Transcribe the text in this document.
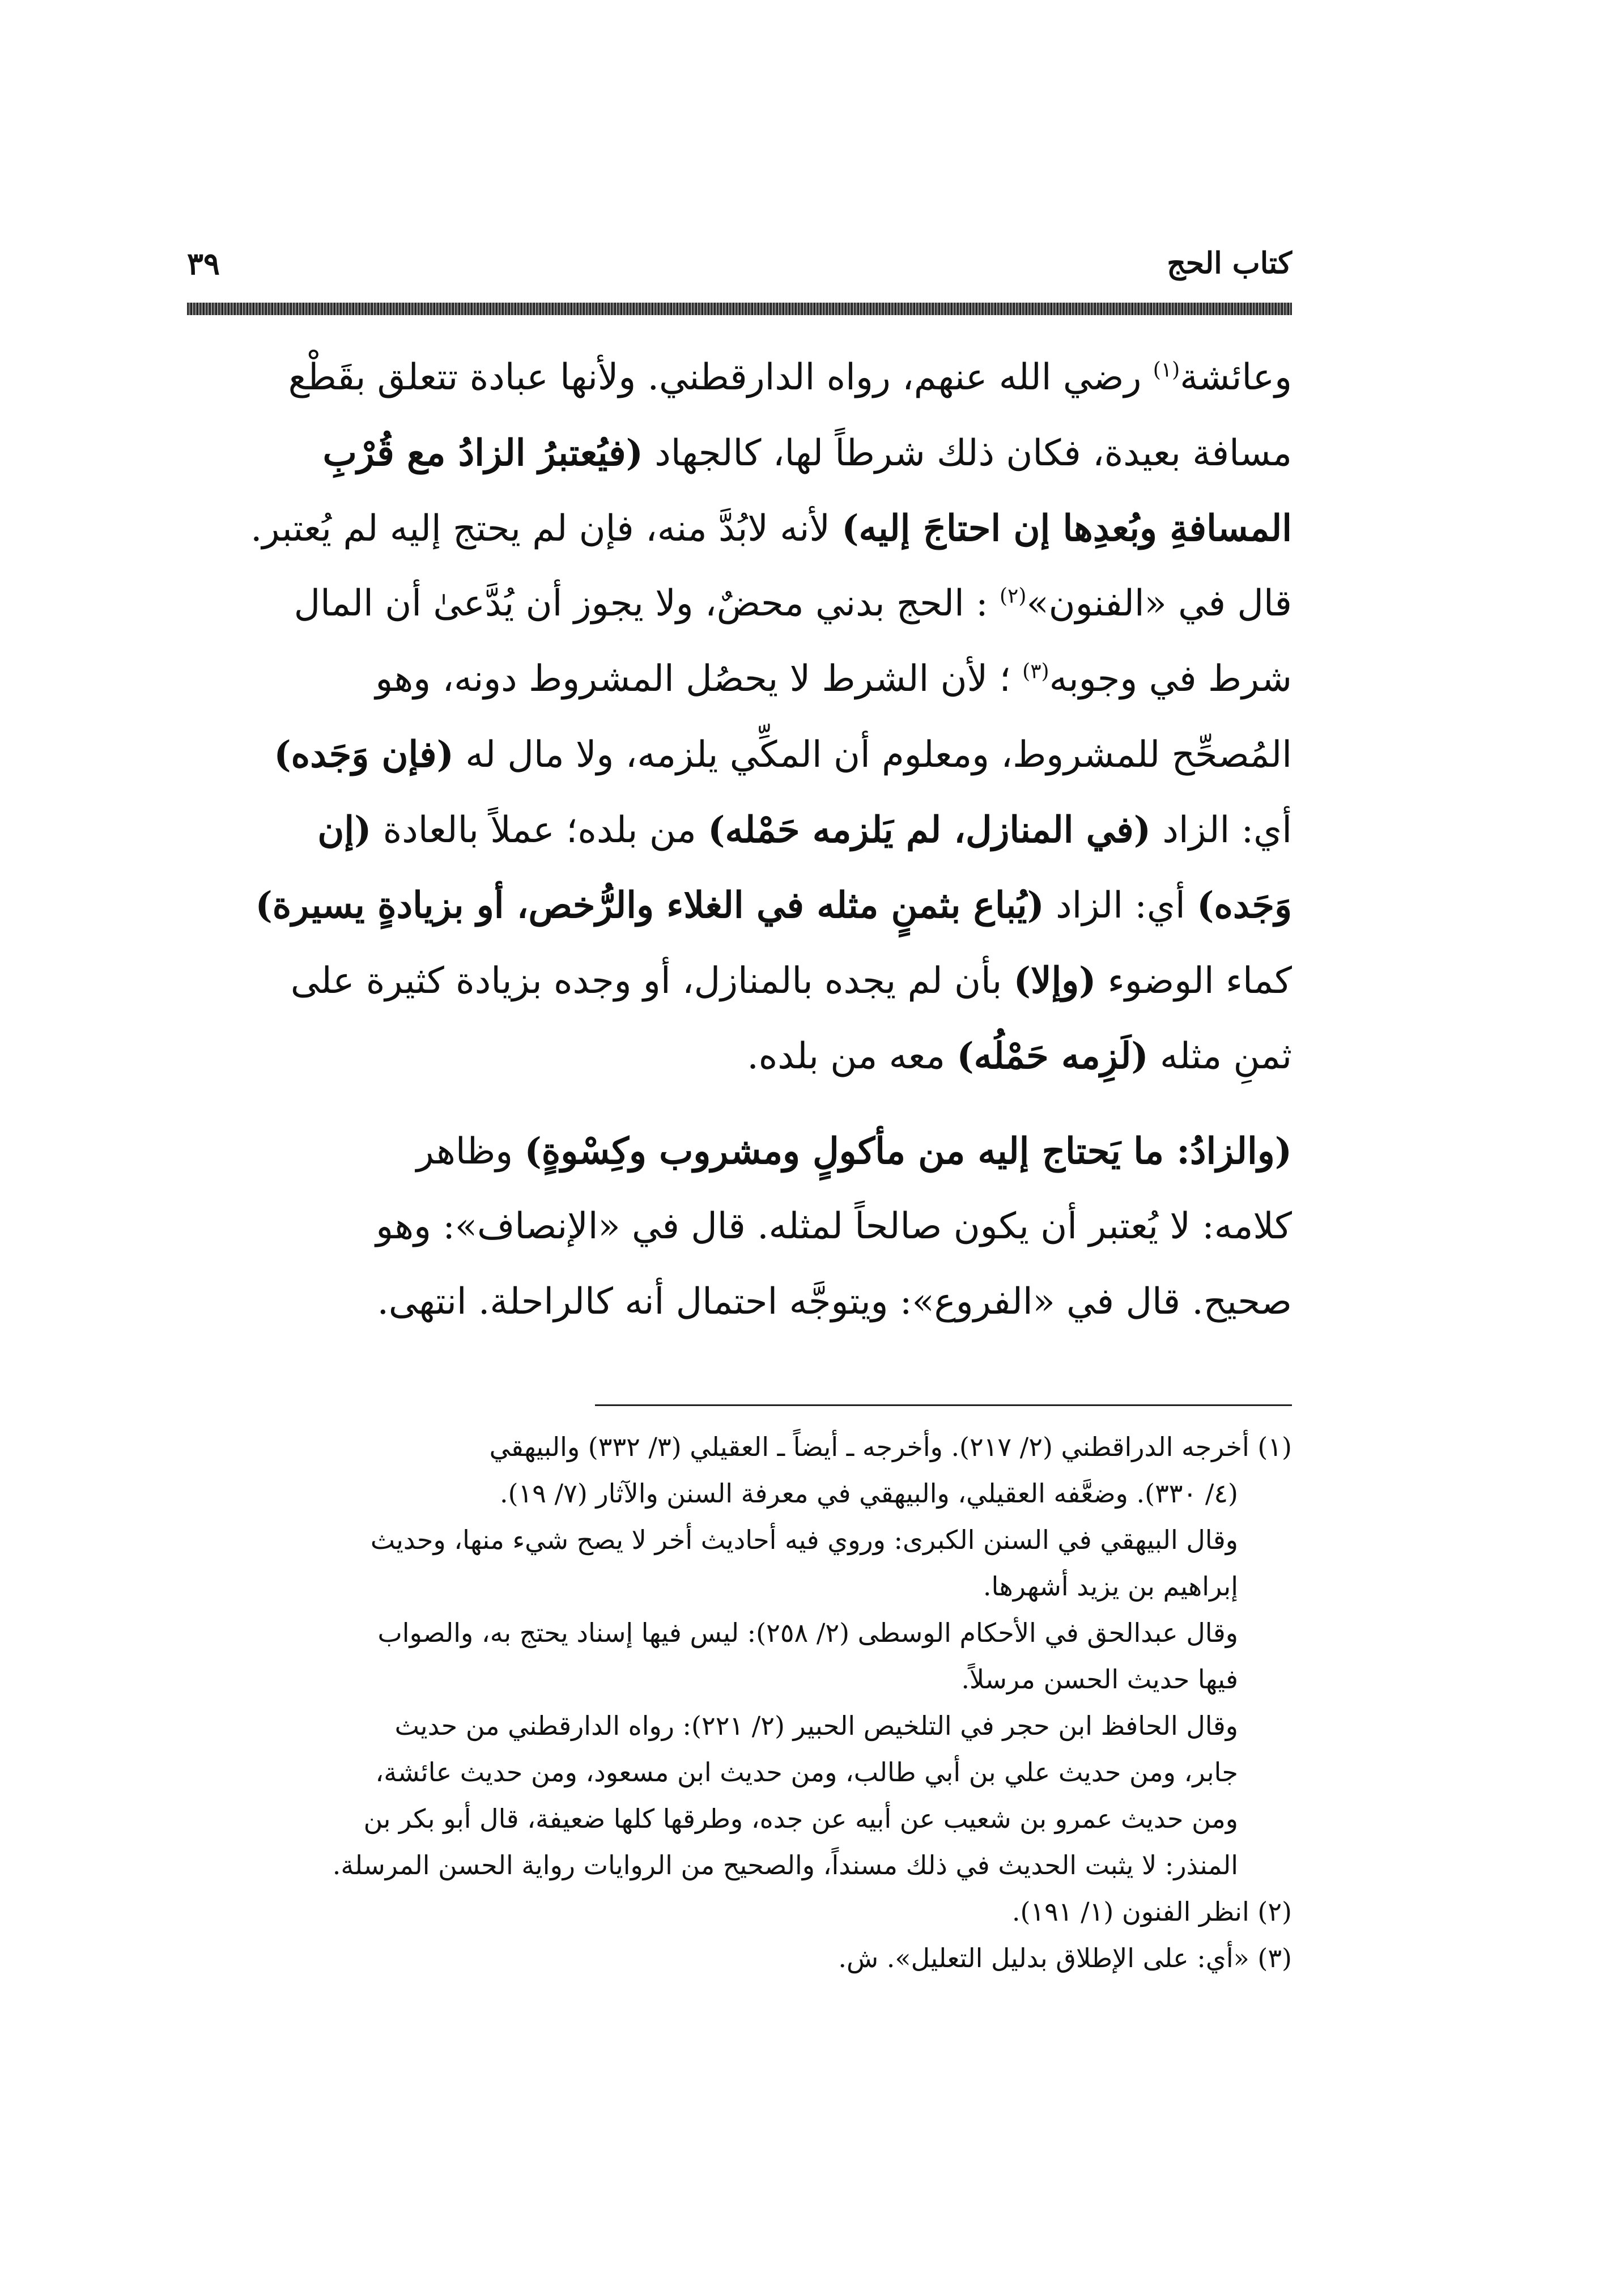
كتاب الحج
٣٩
وعائشة$^{(١)}$ رضي الله عنهم، رواه الدارقطني. ولأنها عبادة تتعلق بقَطْع
مسافة بعيدة، فكان ذلك شرطاً لها، كالجهاد (فيُعتبرُ الزادُ مع قُرْبِ
المسافةِ وبُعدِها إن احتاجَ إليه) لأنه لابُدَّ منه، فإن لم يحتج إليه لم يُعتبر.
قال في «الفنون»$^{(٢)}$ : الحج بدني محضٌ، ولا يجوز أن يُدَّعىٰ أن المال
شرط في وجوبه$^{(٣)}$ ؛ لأن الشرط لا يحصُل المشروط دونه، وهو
المُصحِّح للمشروط، ومعلوم أن المكِّي يلزمه، ولا مال له (فإن وَجَده)
أي: الزاد (في المنازل، لم يَلزمه حَمْله) من بلده؛ عملاً بالعادة (إن
وَجَده) أي: الزاد (يُباع بثمنٍ مثله في الغلاء والرُّخص، أو بزيادةٍ يسيرة)
كماء الوضوء (وإلا) بأن لم يجده بالمنازل، أو وجده بزيادة كثيرة على
ثمنِ مثله (لَزِمه حَمْلُه) معه من بلده.
(والزادُ: ما يَحتاج إليه من مأكولٍ ومشروب وكِسْوةٍ) وظاهر
كلامه: لا يُعتبر أن يكون صالحاً لمثله. قال في «الإنصاف»: وهو
صحيح. قال في «الفروع»: ويتوجَّه احتمال أنه كالراحلة. انتهى.
(١) أخرجه الدراقطني (٢/ ٢١٧). وأخرجه ـ أيضاً ـ العقيلي (٣/ ٣٣٢) والبيهقي
(٤/ ٣٣٠). وضعَّفه العقيلي، والبيهقي في معرفة السنن والآثار (٧/ ١٩).
وقال البيهقي في السنن الكبرى: وروي فيه أحاديث أخر لا يصح شيء منها، وحديث
إبراهيم بن يزيد أشهرها.
وقال عبدالحق في الأحكام الوسطى (٢/ ٢٥٨): ليس فيها إسناد يحتج به، والصواب
فيها حديث الحسن مرسلاً.
وقال الحافظ ابن حجر في التلخيص الحبير (٢/ ٢٢١): رواه الدارقطني من حديث
جابر، ومن حديث علي بن أبي طالب، ومن حديث ابن مسعود، ومن حديث عائشة،
ومن حديث عمرو بن شعيب عن أبيه عن جده، وطرقها كلها ضعيفة، قال أبو بكر بن
المنذر: لا يثبت الحديث في ذلك مسنداً، والصحيح من الروايات رواية الحسن المرسلة.
(٢) انظر الفنون (١/ ١٩١).
(٣) «أي: على الإطلاق بدليل التعليل». ش.
